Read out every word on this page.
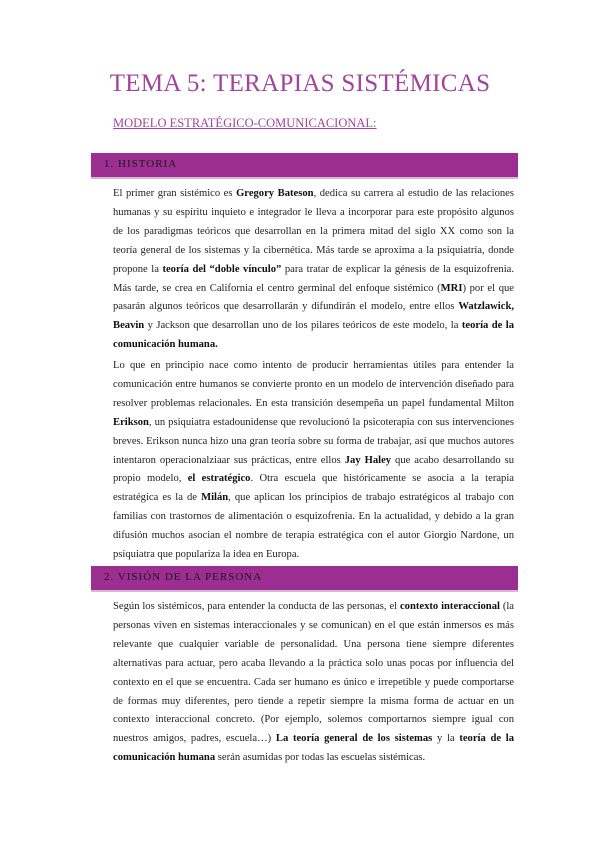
TEMA 5: TERAPIAS SISTÉMICAS
MODELO ESTRATÉGICO-COMUNICACIONAL:
1. HISTORIA

El primer gran sistémico es Gregory Bateson, dedica su carrera al estudio de las relaciones humanas y su espíritu inquieto e integrador le lleva a incorporar para este propósito algunos de los paradigmas teóricos que desarrollan en la primera mitad del siglo XX como son la teoría general de los sistemas y la cibernética. Más tarde se aproxima a la psiquiatría, donde propone la teoría del “doble vínculo” para tratar de explicar la génesis de la esquizofrenia. Más tarde, se crea en California el centro germinal del enfoque sistémico (MRI) por el que pasarán algunos teóricos que desarrollarán y difundirán el modelo, entre ellos Watzlawick, Beavin y Jackson que desarrollan uno de los pilares teóricos de este modelo, la teoría de la comunicación humana.

Lo que en principio nace como intento de producir herramientas útiles para entender la comunicación entre humanos se convierte pronto en un modelo de intervención diseñado para resolver problemas relacionales. En esta transición desempeña un papel fundamental Milton Erikson, un psiquiatra estadounidense que revolucionó la psicoterapia con sus intervenciones breves. Erikson nunca hizo una gran teoría sobre su forma de trabajar, así que muchos autores intentaron operacionalziaar sus prácticas, entre ellos Jay Haley que acabo desarrollando su propio modelo, el estratégico. Otra escuela que históricamente se asocia a la terapia estratégica es la de Milán, que aplican los principios de trabajo estratégicos al trabajo con familias con trastornos de alimentación o esquizofrenia. En la actualidad, y debido a la gran difusión muchos asocian el nombre de terapia estratégica con el autor Giorgio Nardone, un psiquiatra que populariza la idea en Europa.

2. VISIÓN DE LA PERSONA

Según los sistémicos, para entender la conducta de las personas, el contexto interaccional (la personas viven en sistemas interaccionales y se comunican) en el que están inmersos es más relevante que cualquier variable de personalidad. Una persona tiene siempre diferentes alternativas para actuar, pero acaba llevando a la práctica solo unas pocas por influencia del contexto en el que se encuentra. Cada ser humano es único e irrepetible y puede comportarse de formas muy diferentes, pero tiende a repetir siempre la misma forma de actuar en un contexto interaccional concreto. (Por ejemplo, solemos comportarnos siempre igual con nuestros amigos, padres, escuela…) La teoría general de los sistemas y la teoría de la comunicación humana serán asumidas por todas las escuelas sistémicas.
